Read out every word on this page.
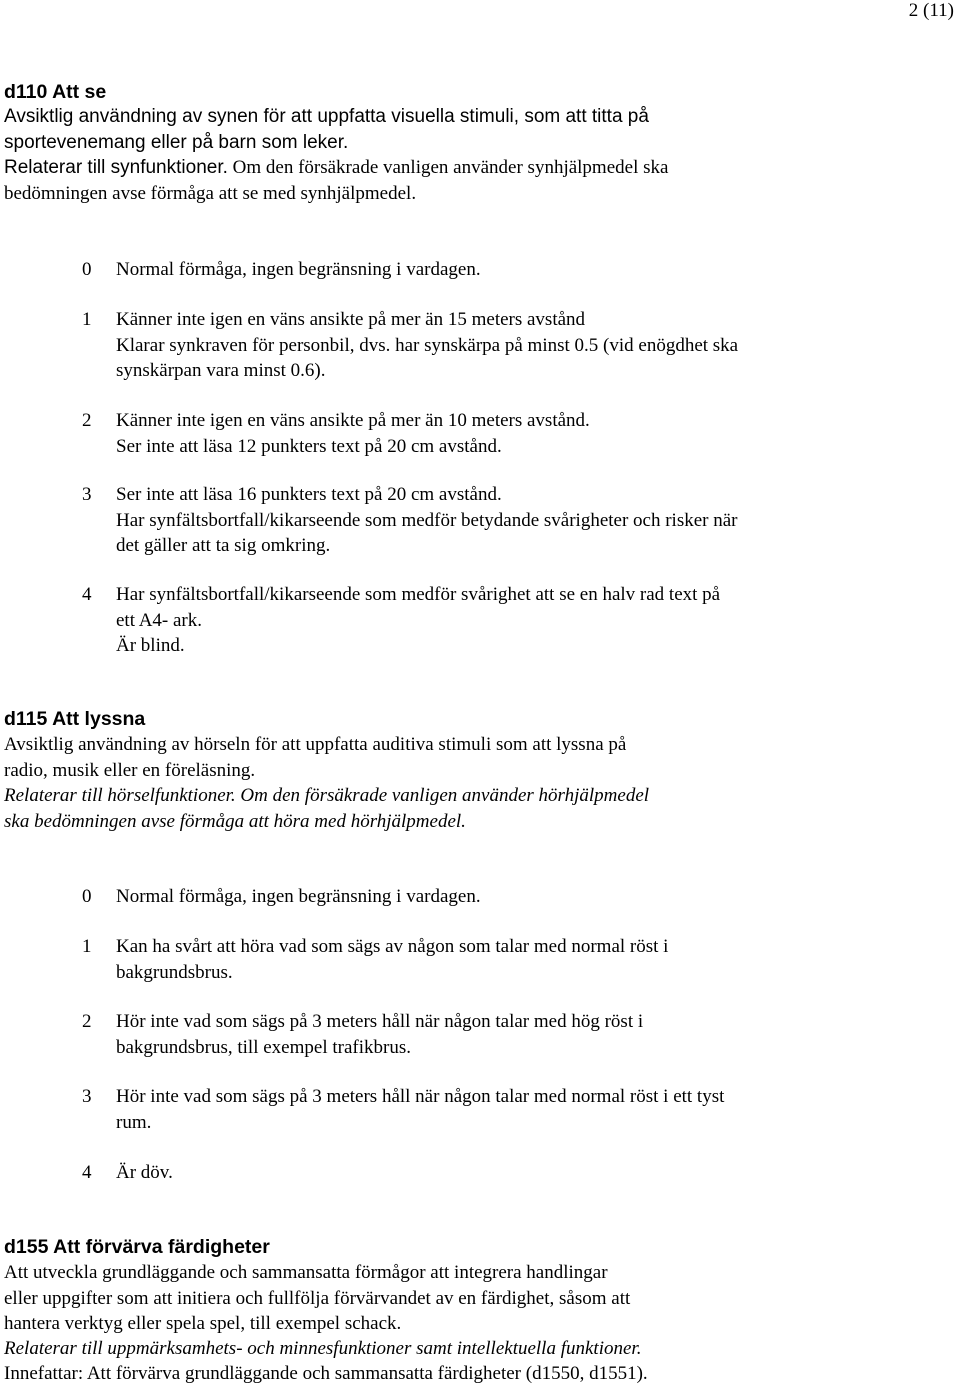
2 (11)
d110 Att se
Avsiktlig användning av synen för att uppfatta visuella stimuli, som att titta på
sportevenemang eller på barn som leker.
Relaterar till synfunktioner. Om den försäkrade vanligen använder synhjälpmedel ska
bedömningen avse förmåga att se med synhjälpmedel.
0 Normal förmåga, ingen begränsning i vardagen.
1 Känner inte igen en väns ansikte på mer än 15 meters avstånd
Klarar synkraven för personbil, dvs. har synskärpa på minst 0.5 (vid enögdhet ska
synskärpan vara minst 0.6).
2 Känner inte igen en väns ansikte på mer än 10 meters avstånd.
Ser inte att läsa 12 punkters text på 20 cm avstånd.
3 Ser inte att läsa 16 punkters text på 20 cm avstånd.
Har synfältsbortfall/kikarseende som medför betydande svårigheter och risker när
det gäller att ta sig omkring.
4 Har synfältsbortfall/kikarseende som medför svårighet att se en halv rad text på
ett A4- ark.
Är blind.
d115 Att lyssna
Avsiktlig användning av hörseln för att uppfatta auditiva stimuli som att lyssna på
radio, musik eller en föreläsning.
Relaterar till hörselfunktioner. Om den försäkrade vanligen använder hörhjälpmedel
ska bedömningen avse förmåga att höra med hörhjälpmedel.
0 Normal förmåga, ingen begränsning i vardagen.
1 Kan ha svårt att höra vad som sägs av någon som talar med normal röst i
bakgrundsbrus.
2 Hör inte vad som sägs på 3 meters håll när någon talar med hög röst i
bakgrundsbrus, till exempel trafikbrus.
3 Hör inte vad som sägs på 3 meters håll när någon talar med normal röst i ett tyst
rum.
4 Är döv.
d155 Att förvärva färdigheter
Att utveckla grundläggande och sammansatta förmågor att integrera handlingar
eller uppgifter som att initiera och fullfölja förvärvandet av en färdighet, såsom att
hantera verktyg eller spela spel, till exempel schack.
Relaterar till uppmärksamhets- och minnesfunktioner samt intellektuella funktioner.
Innefattar: Att förvärva grundläggande och sammansatta färdigheter (d1550, d1551).
